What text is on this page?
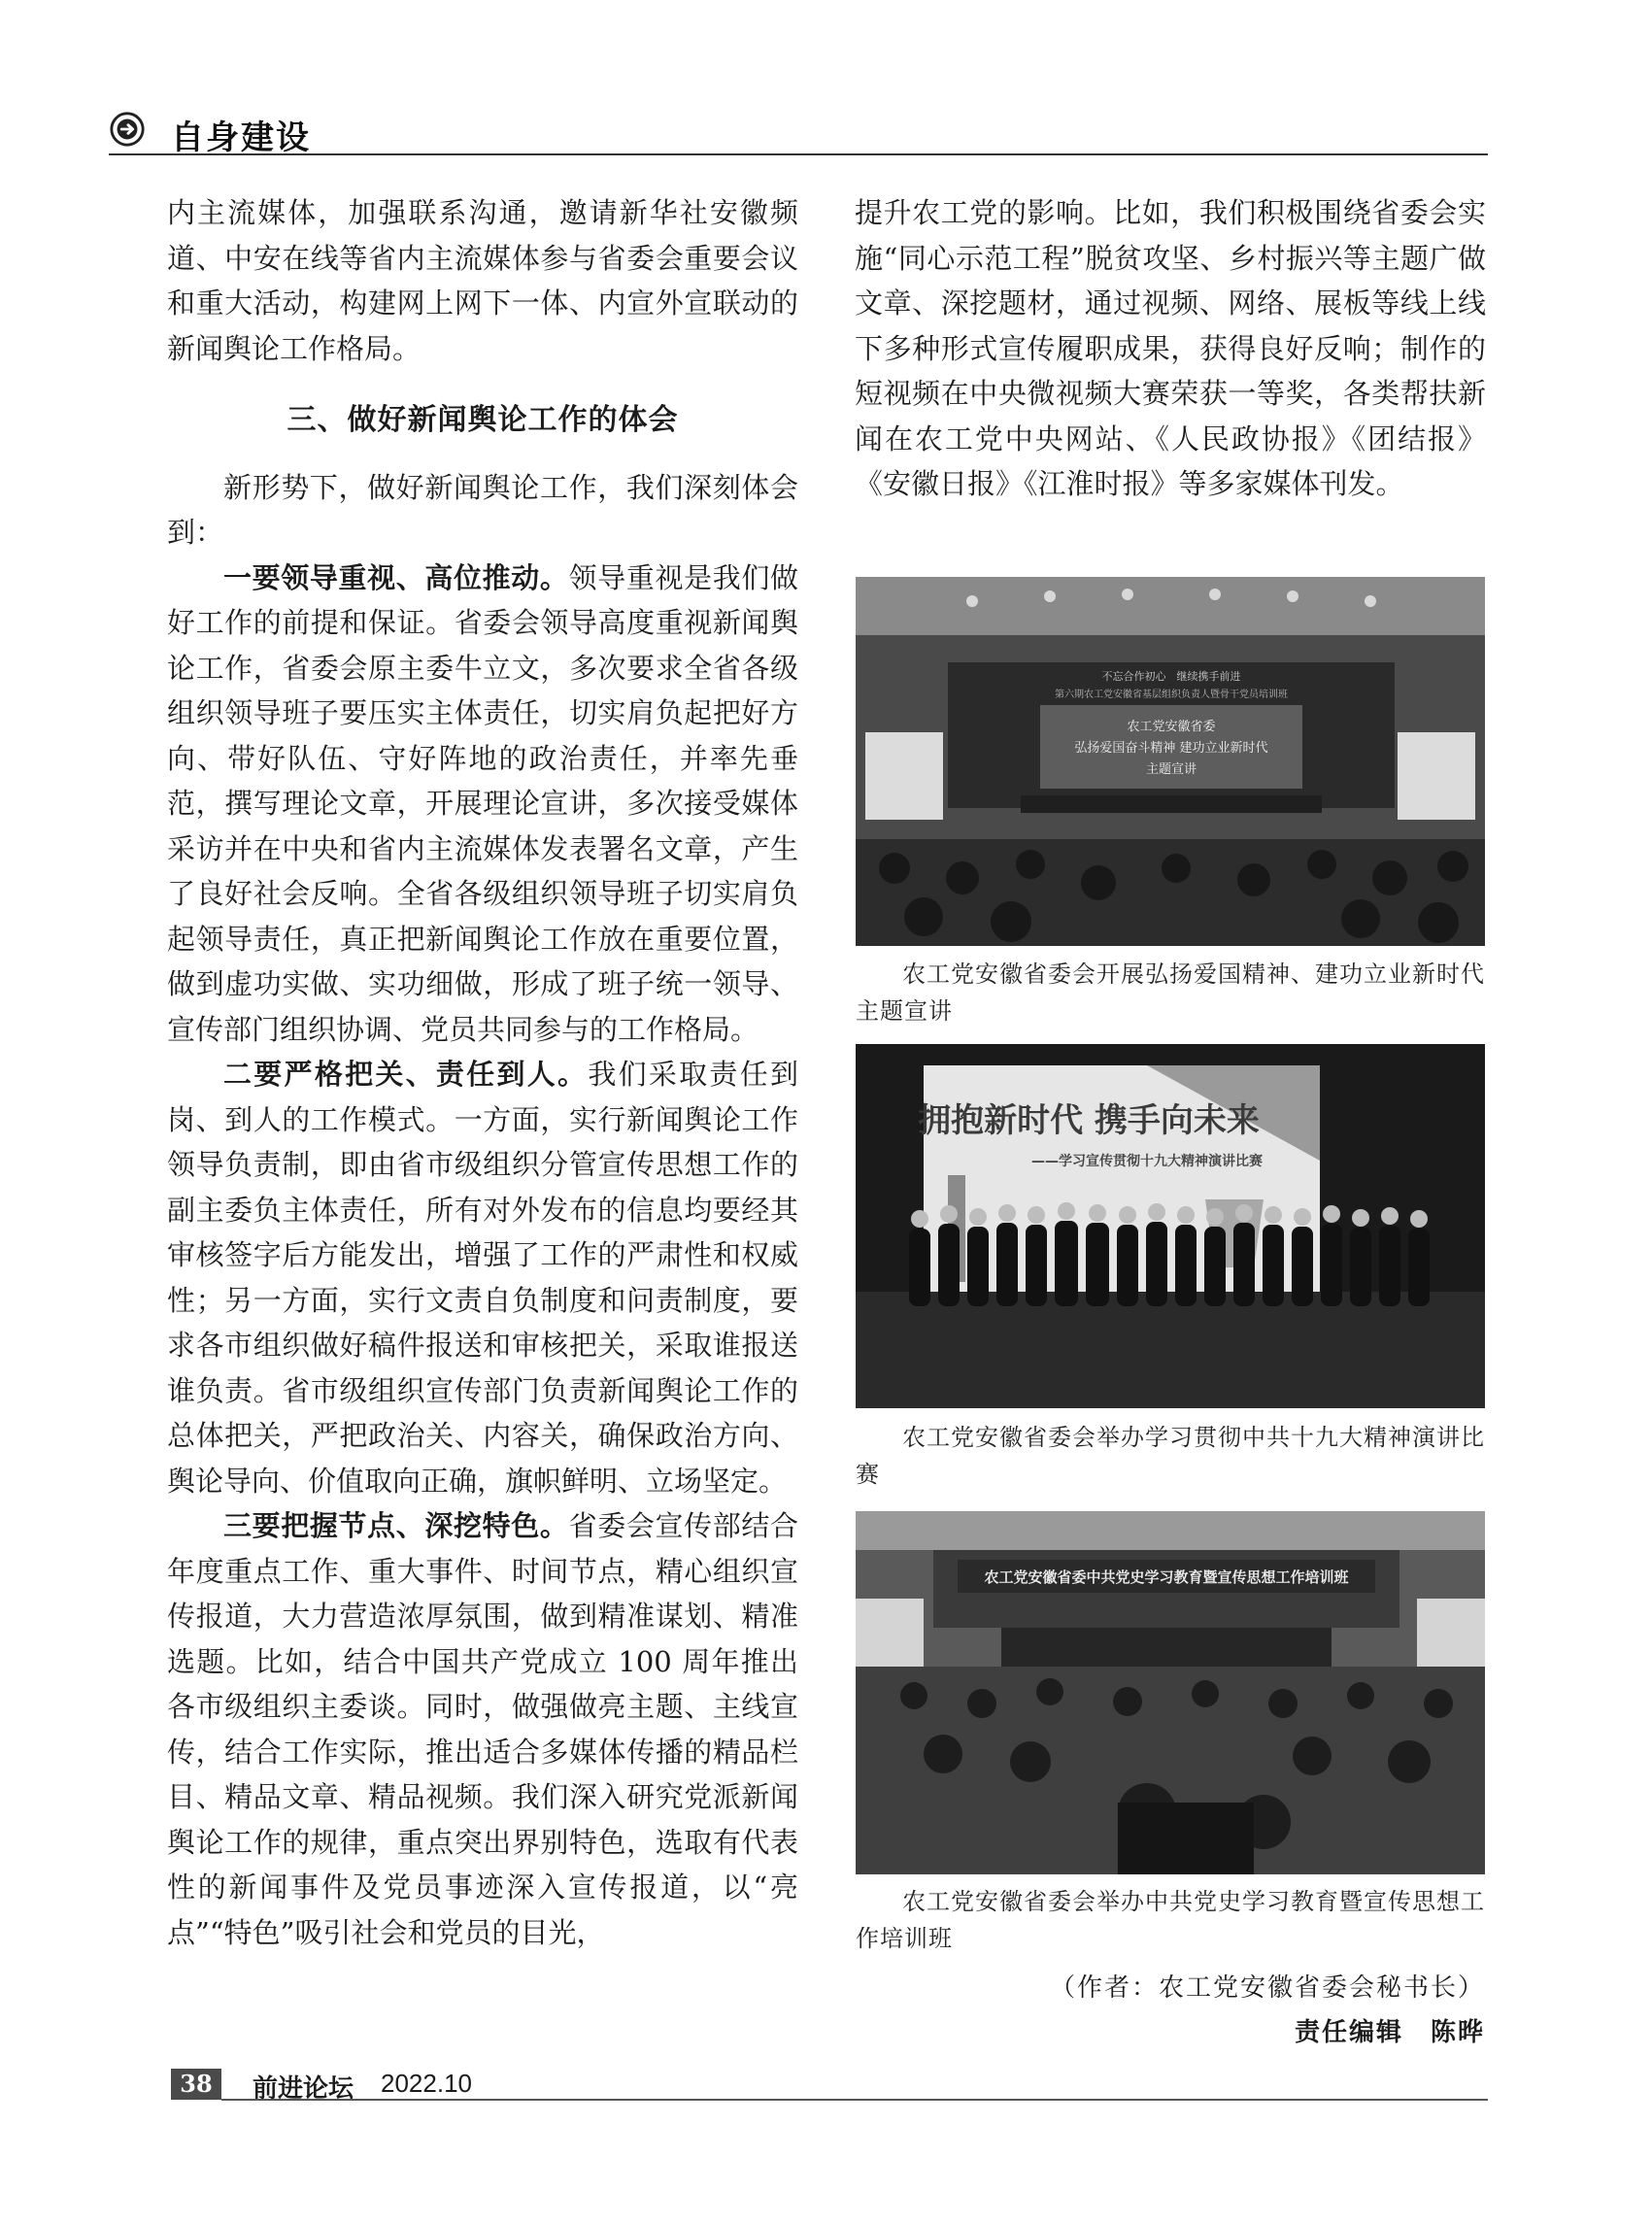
自身建设

内主流媒体，加强联系沟通，邀请新华社安徽频道、中安在线等省内主流媒体参与省委会重要会议和重大活动，构建网上网下一体、内宣外宣联动的新闻舆论工作格局。

三、做好新闻舆论工作的体会

新形势下，做好新闻舆论工作，我们深刻体会到：

一要领导重视、高位推动。领导重视是我们做好工作的前提和保证。省委会领导高度重视新闻舆论工作，省委会原主委牛立文，多次要求全省各级组织领导班子要压实主体责任，切实肩负起把好方向、带好队伍、守好阵地的政治责任，并率先垂范，撰写理论文章，开展理论宣讲，多次接受媒体采访并在中央和省内主流媒体发表署名文章，产生了良好社会反响。全省各级组织领导班子切实肩负起领导责任，真正把新闻舆论工作放在重要位置，做到虚功实做、实功细做，形成了班子统一领导、宣传部门组织协调、党员共同参与的工作格局。

二要严格把关、责任到人。我们采取责任到岗、到人的工作模式。一方面，实行新闻舆论工作领导负责制，即由省市级组织分管宣传思想工作的副主委负主体责任，所有对外发布的信息均要经其审核签字后方能发出，增强了工作的严肃性和权威性；另一方面，实行文责自负制度和问责制度，要求各市组织做好稿件报送和审核把关，采取谁报送谁负责。省市级组织宣传部门负责新闻舆论工作的总体把关，严把政治关、内容关，确保政治方向、舆论导向、价值取向正确，旗帜鲜明、立场坚定。

三要把握节点、深挖特色。省委会宣传部结合年度重点工作、重大事件、时间节点，精心组织宣传报道，大力营造浓厚氛围，做到精准谋划、精准选题。比如，结合中国共产党成立 100 周年推出各市级组织主委谈。同时，做强做亮主题、主线宣传，结合工作实际，推出适合多媒体传播的精品栏目、精品文章、精品视频。我们深入研究党派新闻舆论工作的规律，重点突出界别特色，选取有代表性的新闻事件及党员事迹深入宣传报道，以“亮点”“特色”吸引社会和党员的目光，

提升农工党的影响。比如，我们积极围绕省委会实施“同心示范工程”脱贫攻坚、乡村振兴等主题广做文章、深挖题材，通过视频、网络、展板等线上线下多种形式宣传履职成果，获得良好反响；制作的短视频在中央微视频大赛荣获一等奖，各类帮扶新闻在农工党中央网站、《人民政协报》《团结报》《安徽日报》《江淮时报》等多家媒体刊发。

不忘合作初心　继续携手前进
第六期农工党安徽省基层组织负责人暨骨干党员培训班
农工党安徽省委
弘扬爱国奋斗精神 建功立业新时代
主题宣讲
农工党安徽省委会开展弘扬爱国精神、建功立业新时代主题宣讲
拥抱新时代 携手向未来
——学习宣传贯彻十九大精神演讲比赛
农工党安徽省委会举办学习贯彻中共十九大精神演讲比赛
农工党安徽省委中共党史学习教育暨宣传思想工作培训班
农工党安徽省委会举办中共党史学习教育暨宣传思想工作培训班
（作者：农工党安徽省委会秘书长）
责任编辑　陈晔
38	前进论坛 2022.10
